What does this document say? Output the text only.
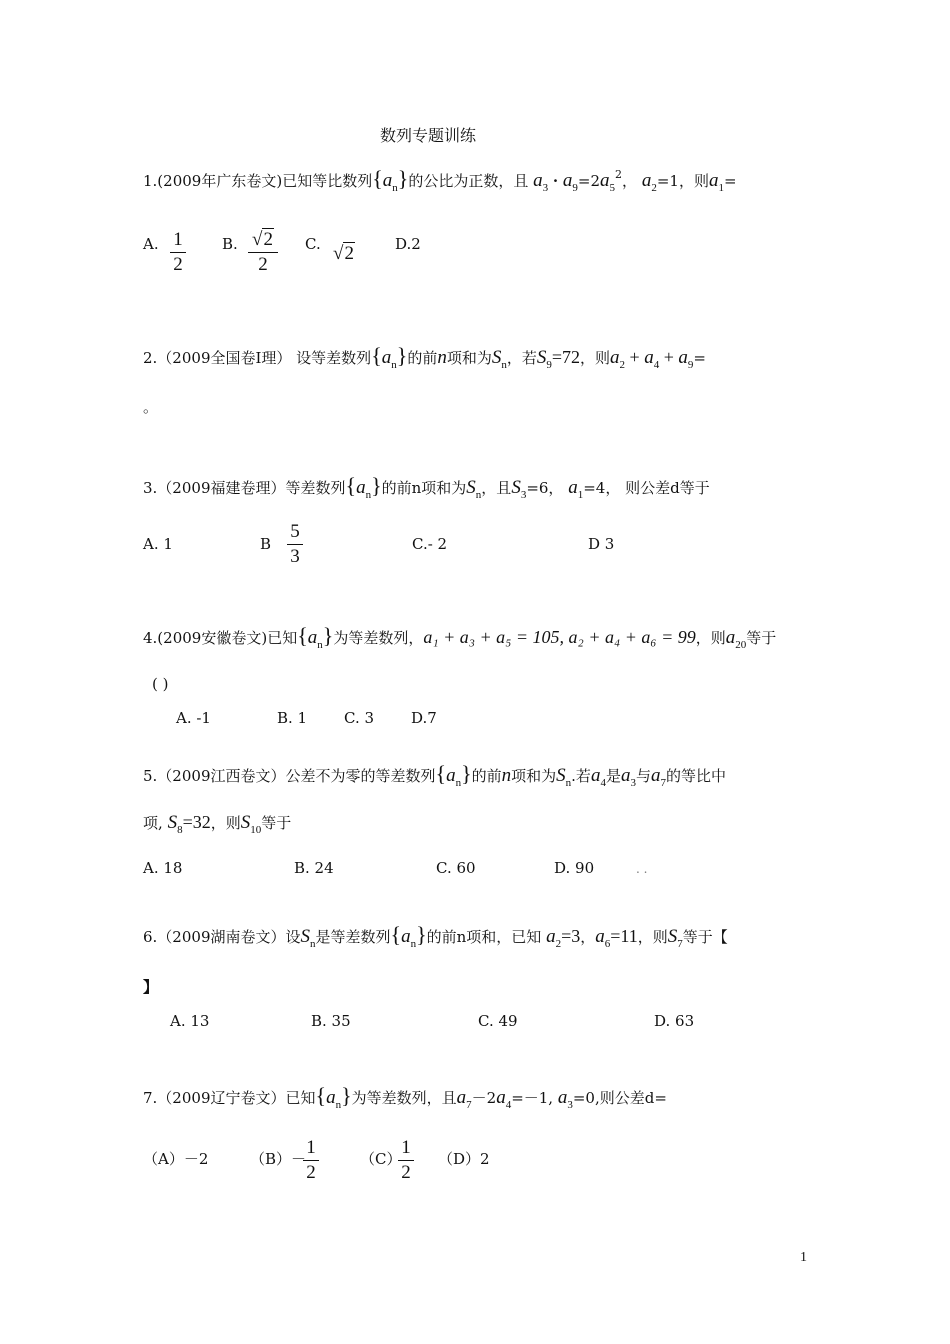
数列专题训练
1.(2009年广东卷文)已知等比数列$\{a_n\}$的公比为正数，且 $a_3 \cdot a_9=2a_5^2$， $a_2=1$，则$a_1=$
A. 1
2
B. √2
2
C. √2	D.2
2.（2009全国卷Ⅰ理） 设等差数列$\{a_n\}$的前n项和为$S_n$，若$S_9=72$，则$a_2 + a_4 + a_9=$
。
3.（2009福建卷理）等差数列$\{a_n\}$的前n项和为$S_n$，且$S_3=6$， $a_1=4$， 则公差d等于
A. 1	B
5
3
C.- 2	D 3
4.(2009安徽卷文)已知$\{a_n\}$为等差数列，a₁ + a₃ + a₅ = 105, a₂ + a₄ + a₆ = 99，则$a_{20}$等于
( )
A. -1	B. 1 C. 3 D.7
5.（2009江西卷文）公差不为零的等差数列$\{a_n\}$的前n项和为$S_n$.若$a_4$是$a_3$与$a_7$的等比中
项, $S_8=32$，则$S_{10}$等于
A. 18	B. 24	C. 60	D. 90	. .
6.（2009湖南卷文）设$S_n$是等差数列$\{a_n\}$的前n项和，已知 $a_2=3$，$a_6=11$，则$S_7$等于【
】
A. 13	B. 35	C. 49	D. 63
7.（2009辽宁卷文）已知$\{a_n\}$为等差数列，且$a_7-2a_4=-1$, $a_3=0$,则公差d=
（A）－2	（B）－
1
2
（C）
1
2
（D）2
1
